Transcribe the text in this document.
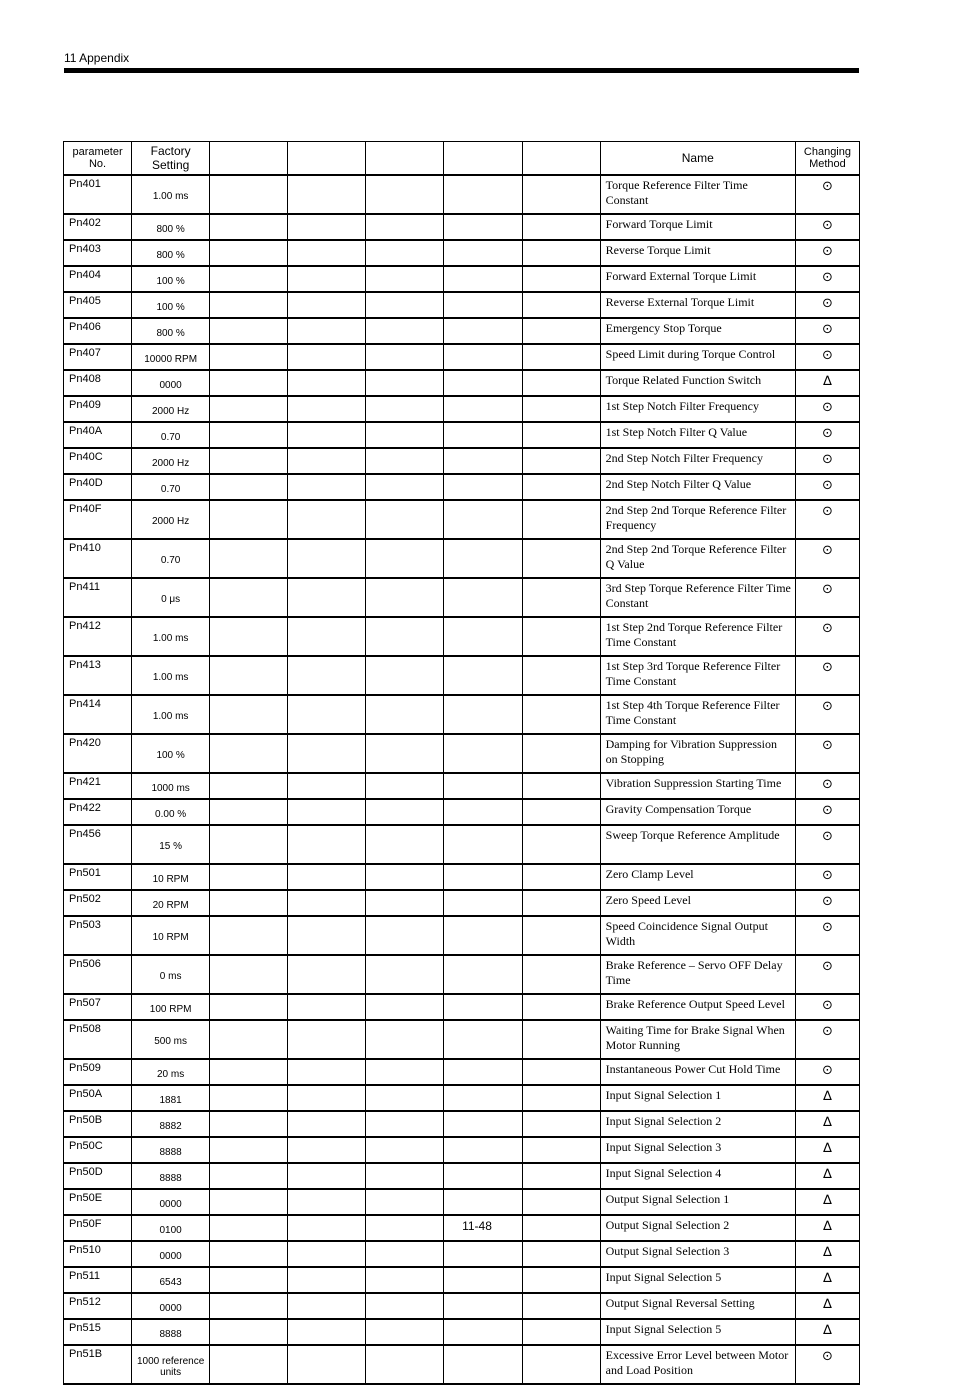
11 Appendix
parameter No.	Factory Setting						Name	Changing Method
Pn401	1.00 ms						Torque Reference Filter Time Constant	⊙
Pn402	800 %						Forward Torque Limit	⊙
Pn403	800 %						Reverse Torque Limit	⊙
Pn404	100 %						Forward External Torque Limit	⊙
Pn405	100 %						Reverse External Torque Limit	⊙
Pn406	800 %						Emergency Stop Torque	⊙
Pn407	10000 RPM						Speed Limit during Torque Control	⊙
Pn408	0000						Torque Related Function Switch	∆
Pn409	2000 Hz						1st Step Notch Filter Frequency	⊙
Pn40A	0.70						1st Step Notch Filter Q Value	⊙
Pn40C	2000 Hz						2nd Step Notch Filter Frequency	⊙
Pn40D	0.70						2nd Step Notch Filter Q Value	⊙
Pn40F	2000 Hz						2nd Step 2nd Torque Reference Filter Frequency	⊙
Pn410	0.70						2nd Step 2nd Torque Reference Filter Q Value	⊙
Pn411	0 μs						3rd Step Torque Reference Filter Time Constant	⊙
Pn412	1.00 ms						1st Step 2nd Torque Reference Filter Time Constant	⊙
Pn413	1.00 ms						1st Step 3rd Torque Reference Filter Time Constant	⊙
Pn414	1.00 ms						1st Step 4th Torque Reference Filter Time Constant	⊙
Pn420	100 %						Damping for Vibration Suppression on Stopping	⊙
Pn421	1000 ms						Vibration Suppression Starting Time	⊙
Pn422	0.00 %						Gravity Compensation Torque	⊙
Pn456	15 %						Sweep Torque Reference Amplitude	⊙
Pn501	10 RPM						Zero Clamp Level	⊙
Pn502	20 RPM						Zero Speed Level	⊙
Pn503	10 RPM						Speed Coincidence Signal Output Width	⊙
Pn506	0 ms						Brake Reference – Servo OFF Delay Time	⊙
Pn507	100 RPM						Brake Reference Output Speed Level	⊙
Pn508	500 ms						Waiting Time for Brake Signal When Motor Running	⊙
Pn509	20 ms						Instantaneous Power Cut Hold Time	⊙
Pn50A	1881						Input Signal Selection 1	∆
Pn50B	8882						Input Signal Selection 2	∆
Pn50C	8888						Input Signal Selection 3	∆
Pn50D	8888						Input Signal Selection 4	∆
Pn50E	0000						Output Signal Selection 1	∆
Pn50F	0100						Output Signal Selection 2	∆
Pn510	0000						Output Signal Selection 3	∆
Pn511	6543						Input Signal Selection 5	∆
Pn512	0000						Output Signal Reversal Setting	∆
Pn515	8888						Input Signal Selection 5	∆
Pn51B	1000 reference units						Excessive Error Level between Motor and Load Position	⊙
11-48
